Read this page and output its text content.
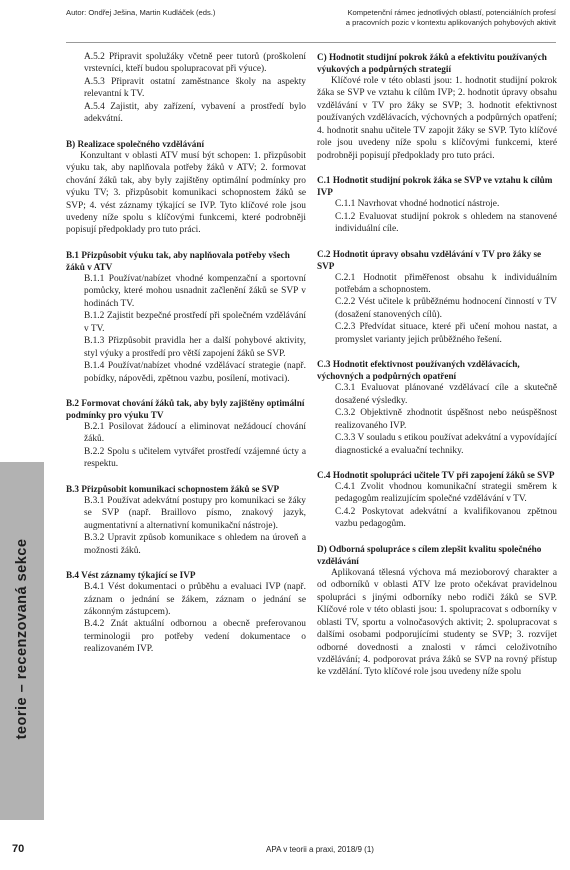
Autor: Ondřej Ješina, Martin Kudláček (eds.)	Kompetenční rámec jednotlivých oblastí, potenciálních profesí
a pracovních pozic v kontextu aplikovaných pohybových aktivit

A.5.2 Připravit spolužáky včetně peer tutorů (proškolení vrstevníci, kteří budou spolupracovat při výuce).

A.5.3 Připravit ostatní zaměstnance školy na aspekty relevantní k TV.

A.5.4 Zajistit, aby zařízení, vybavení a prostředí bylo adekvátní.

B) Realizace společného vzdělávání

Konzultant v oblasti ATV musí být schopen: 1. přizpůsobit výuku tak, aby naplňovala potřeby žáků v ATV; 2. formovat chování žáků tak, aby byly zajištěny optimální podmínky pro výuku TV; 3. přizpůsobit komunikaci schopnostem žáků se SVP; 4. vést záznamy týkající se IVP. Tyto klíčové role jsou uvedeny níže spolu s klíčovými funkcemi, které podrobněji popisují předpoklady pro tuto práci.

B.1 Přizpůsobit výuku tak, aby naplňovala potřeby všech žáků v ATV

B.1.1 Používat/nabízet vhodné kompenzační a sportovní pomůcky, které mohou usnadnit začlenění žáků se SVP v hodinách TV.

B.1.2 Zajistit bezpečné prostředí při společném vzdělávání v TV.

B.1.3 Přizpůsobit pravidla her a další pohybové aktivity, styl výuky a prostředí pro větší zapojení žáků se SVP.

B.1.4 Používat/nabízet vhodné vzdělávací strategie (např. pobídky, nápovědi, zpětnou vazbu, posílení, motivaci).

B.2 Formovat chování žáků tak, aby byly zajištěny optimální podmínky pro výuku TV

B.2.1 Posilovat žádoucí a eliminovat nežádoucí chování žáků.

B.2.2 Spolu s učitelem vytvářet prostředí vzájemné úcty a respektu.

B.3 Přizpůsobit komunikaci schopnostem žáků se SVP

B.3.1 Používat adekvátní postupy pro komunikaci se žáky se SVP (např. Braillovo písmo, znakový jazyk, augmentativní a alternativní komunikační nástroje).

B.3.2 Upravit způsob komunikace s ohledem na úroveň a možnosti žáků.

B.4 Vést záznamy týkající se IVP

B.4.1 Vést dokumentaci o průběhu a evaluaci IVP (např. záznam o jednání se žákem, záznam o jednání se zákonným zástupcem).

B.4.2 Znát aktuální odbornou a obecně preferovanou terminologii pro potřeby vedení dokumentace o realizovaném IVP.

C) Hodnotit studijní pokrok žáků a efektivitu používaných výukových a podpůrných strategií

Klíčové role v této oblasti jsou: 1. hodnotit studijní pokrok žáka se SVP ve vztahu k cílům IVP; 2. hodnotit úpravy obsahu vzdělávání v TV pro žáky se SVP; 3. hodnotit efektivnost používaných vzdělávacích, výchovných a podpůrných opatření; 4. hodnotit snahu učitele TV zapojit žáky se SVP. Tyto klíčové role jsou uvedeny níže spolu s klíčovými funkcemi, které podrobněji popisují předpoklady pro tuto práci.

C.1 Hodnotit studijní pokrok žáka se SVP ve vztahu k cílům IVP

C.1.1 Navrhovat vhodné hodnoticí nástroje.

C.1.2 Evaluovat studijní pokrok s ohledem na stanovené individuální cíle.

C.2 Hodnotit úpravy obsahu vzdělávání v TV pro žáky se SVP

C.2.1 Hodnotit přiměřenost obsahu k individuálním potřebám a schopnostem.

C.2.2 Vést učitele k průběžnému hodnocení činností v TV (dosažení stanovených cílů).

C.2.3 Předvídat situace, které při učení mohou nastat, a promyslet varianty jejich průběžného řešení.

C.3 Hodnotit efektivnost používaných vzdělávacích, výchovných a podpůrných opatření

C.3.1 Evaluovat plánované vzdělávací cíle a skutečně dosažené výsledky.

C.3.2 Objektivně zhodnotit úspěšnost nebo neúspěšnost realizovaného IVP.

C.3.3 V souladu s etikou používat adekvátní a vypovídající diagnostické a evaluační techniky.

C.4 Hodnotit spolupráci učitele TV při zapojení žáků se SVP

C.4.1 Zvolit vhodnou komunikační strategii směrem k pedagogům realizujícím společné vzdělávání v TV.

C.4.2 Poskytovat adekvátní a kvalifikovanou zpětnou vazbu pedagogům.

D) Odborná spolupráce s cílem zlepšit kvalitu společného vzdělávání

Aplikovaná tělesná výchova má mezioborový charakter a od odborníků v oblasti ATV lze proto očekávat pravidelnou spolupráci s jinými odborníky nebo rodiči žáků se SVP. Klíčové role v této oblasti jsou: 1. spolupracovat s odborníky v oblasti TV, sportu a volnočasových aktivit; 2. spolupracovat s dalšími osobami podporujícími studenty se SVP; 3. rozvíjet odborné dovednosti a znalosti v rámci celoživotního vzdělávání; 4. podporovat práva žáků se SVP na rovný přístup ke vzdělání. Tyto klíčové role jsou uvedeny níže spolu

teorie – recenzovaná sekce
70	APA v teorii a praxi, 2018/9 (1)
